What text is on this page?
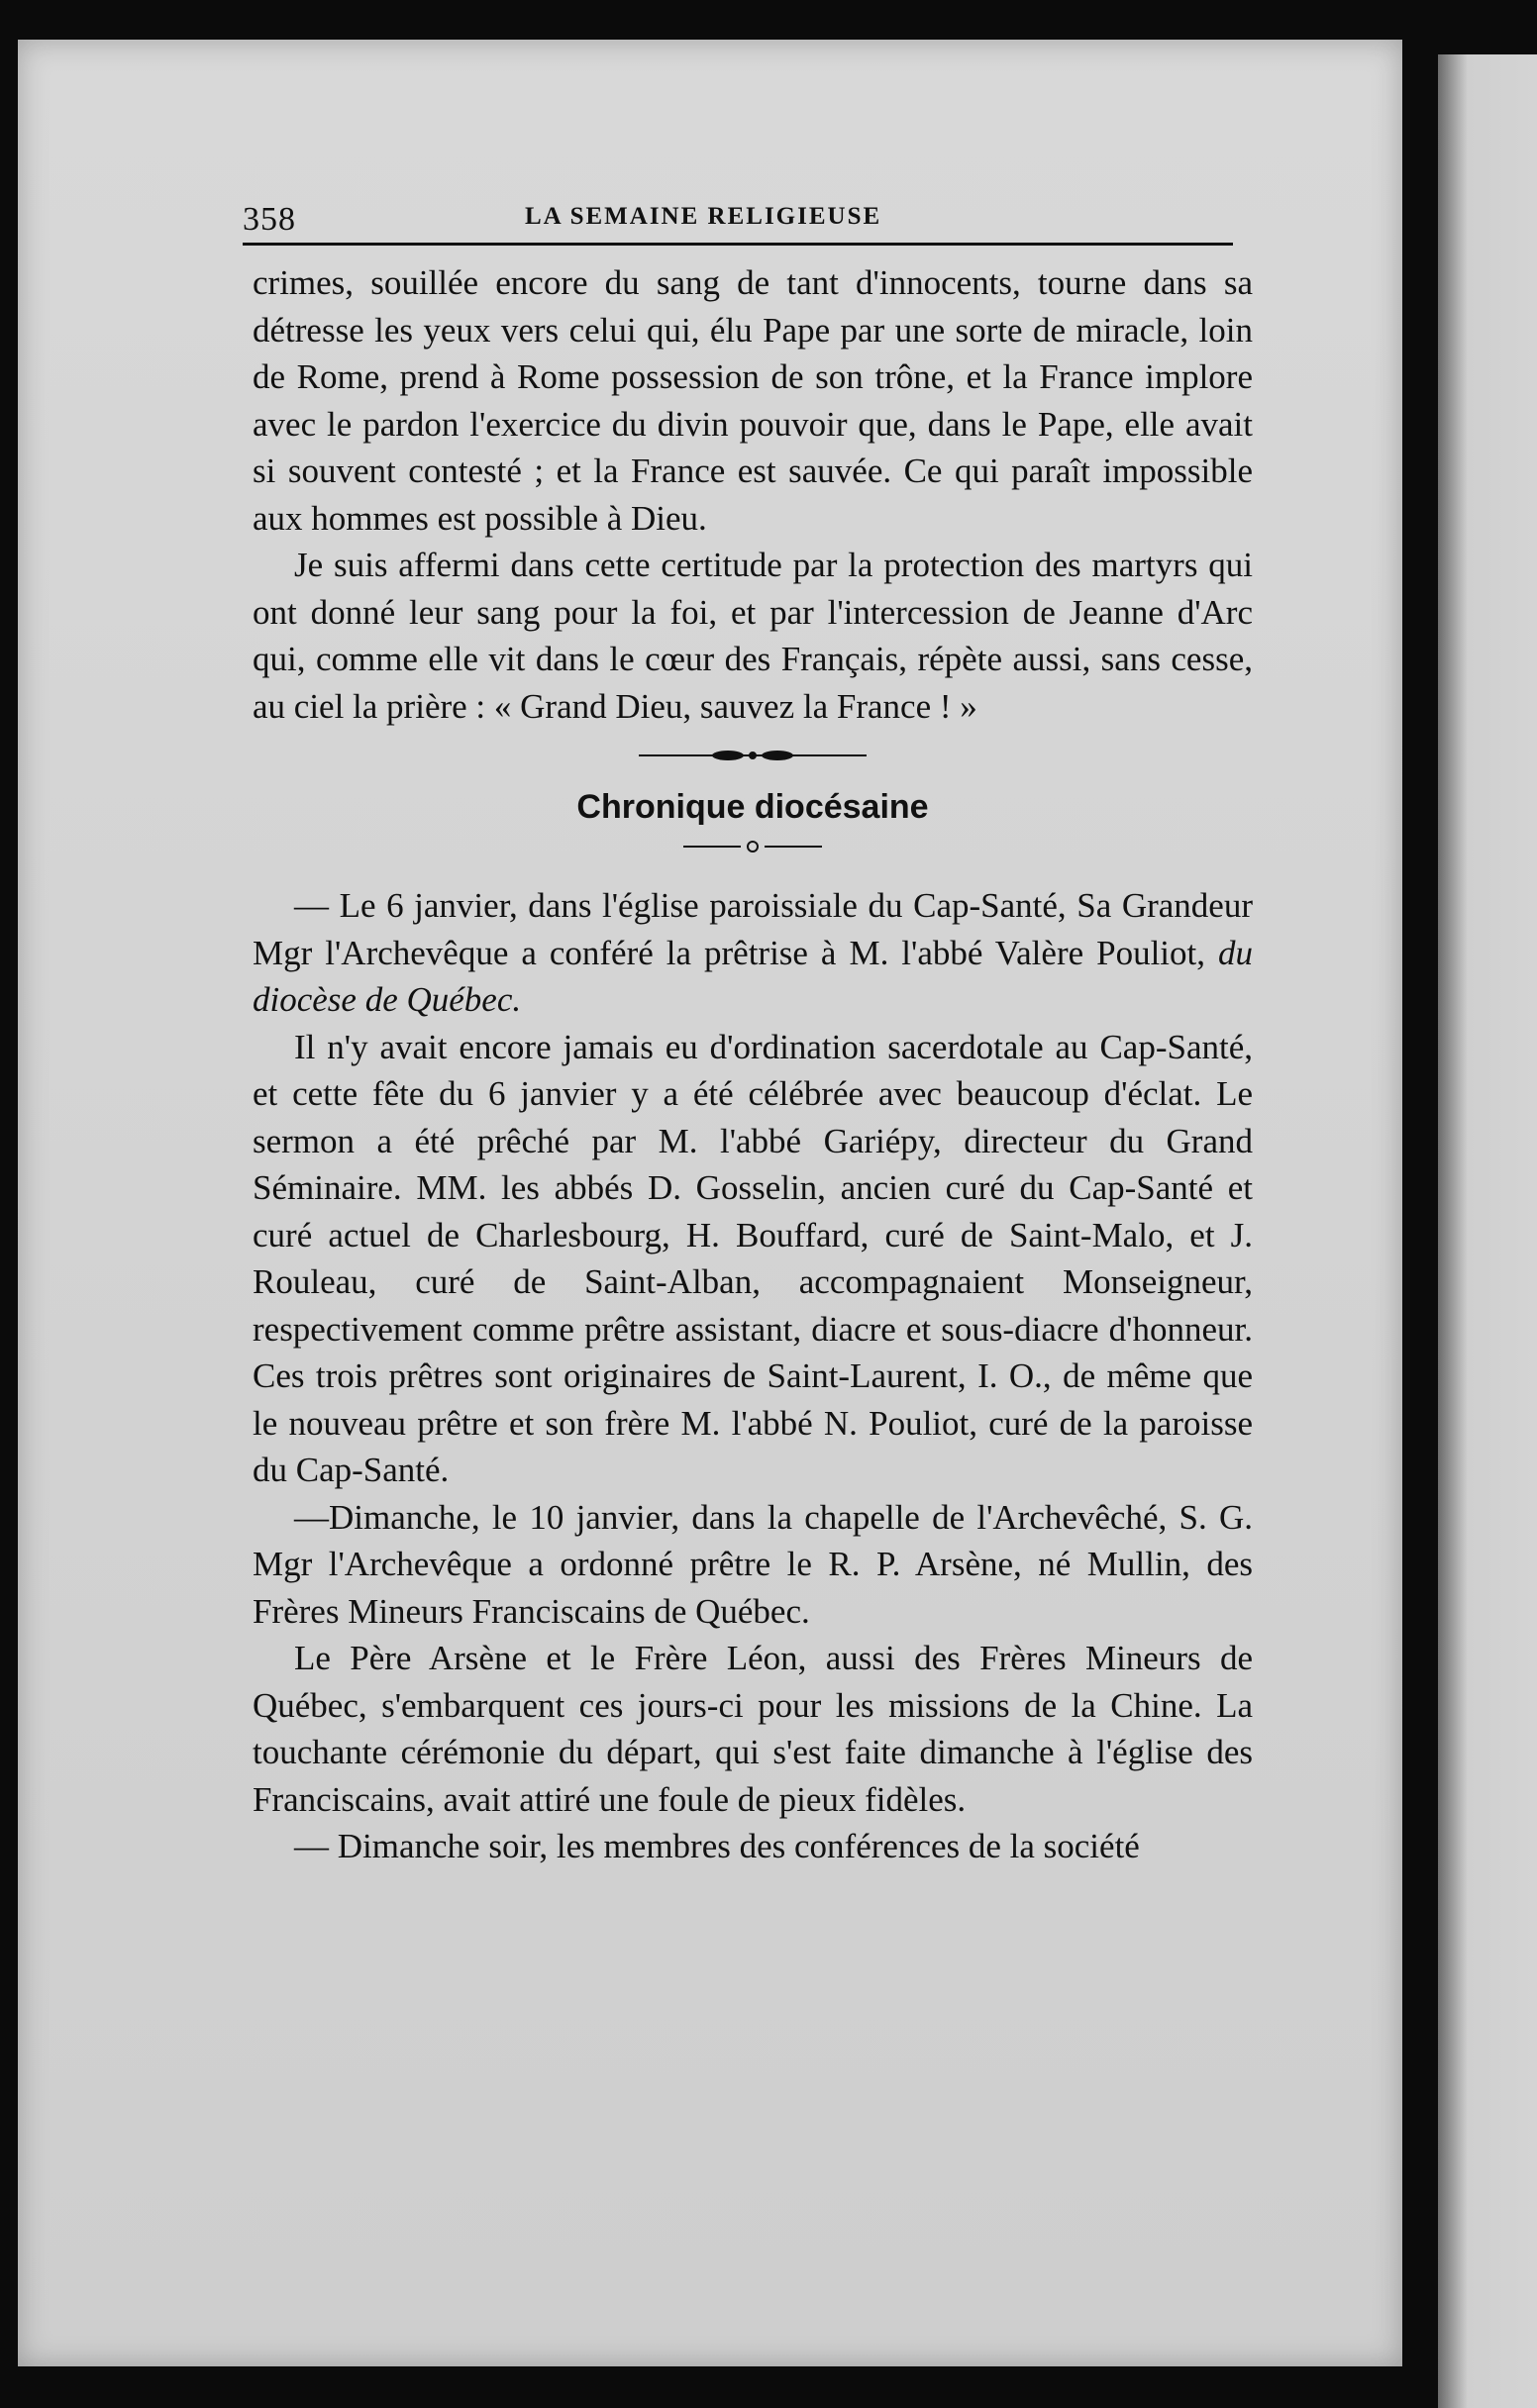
358	LA SEMAINE RELIGIEUSE

crimes, souillée encore du sang de tant d'innocents, tourne dans sa détresse les yeux vers celui qui, élu Pape par une sorte de miracle, loin de Rome, prend à Rome possession de son trône, et la France implore avec le pardon l'exercice du divin pouvoir que, dans le Pape, elle avait si souvent contesté ; et la France est sauvée. Ce qui paraît impossible aux hommes est possible à Dieu.

Je suis affermi dans cette certitude par la protection des martyrs qui ont donné leur sang pour la foi, et par l'intercession de Jeanne d'Arc qui, comme elle vit dans le cœur des Français, répète aussi, sans cesse, au ciel la prière : « Grand Dieu, sauvez la France ! »

Chronique diocésaine

— Le 6 janvier, dans l'église paroissiale du Cap-Santé, Sa Grandeur Mgr l'Archevêque a conféré la prêtrise à M. l'abbé Valère Pouliot, du diocèse de Québec.

Il n'y avait encore jamais eu d'ordination sacerdotale au Cap-Santé, et cette fête du 6 janvier y a été célébrée avec beaucoup d'éclat. Le sermon a été prêché par M. l'abbé Gariépy, directeur du Grand Séminaire. MM. les abbés D. Gosselin, ancien curé du Cap-Santé et curé actuel de Charlesbourg, H. Bouffard, curé de Saint-Malo, et J. Rouleau, curé de Saint-Alban, accompagnaient Monseigneur, respectivement comme prêtre assistant, diacre et sous-diacre d'honneur. Ces trois prêtres sont originaires de Saint-Laurent, I. O., de même que le nouveau prêtre et son frère M. l'abbé N. Pouliot, curé de la paroisse du Cap-Santé.

—Dimanche, le 10 janvier, dans la chapelle de l'Archevêché, S. G. Mgr l'Archevêque a ordonné prêtre le R. P. Arsène, né Mullin, des Frères Mineurs Franciscains de Québec.

Le Père Arsène et le Frère Léon, aussi des Frères Mineurs de Québec, s'embarquent ces jours-ci pour les missions de la Chine. La touchante cérémonie du départ, qui s'est faite dimanche à l'église des Franciscains, avait attiré une foule de pieux fidèles.

— Dimanche soir, les membres des conférences de la société
